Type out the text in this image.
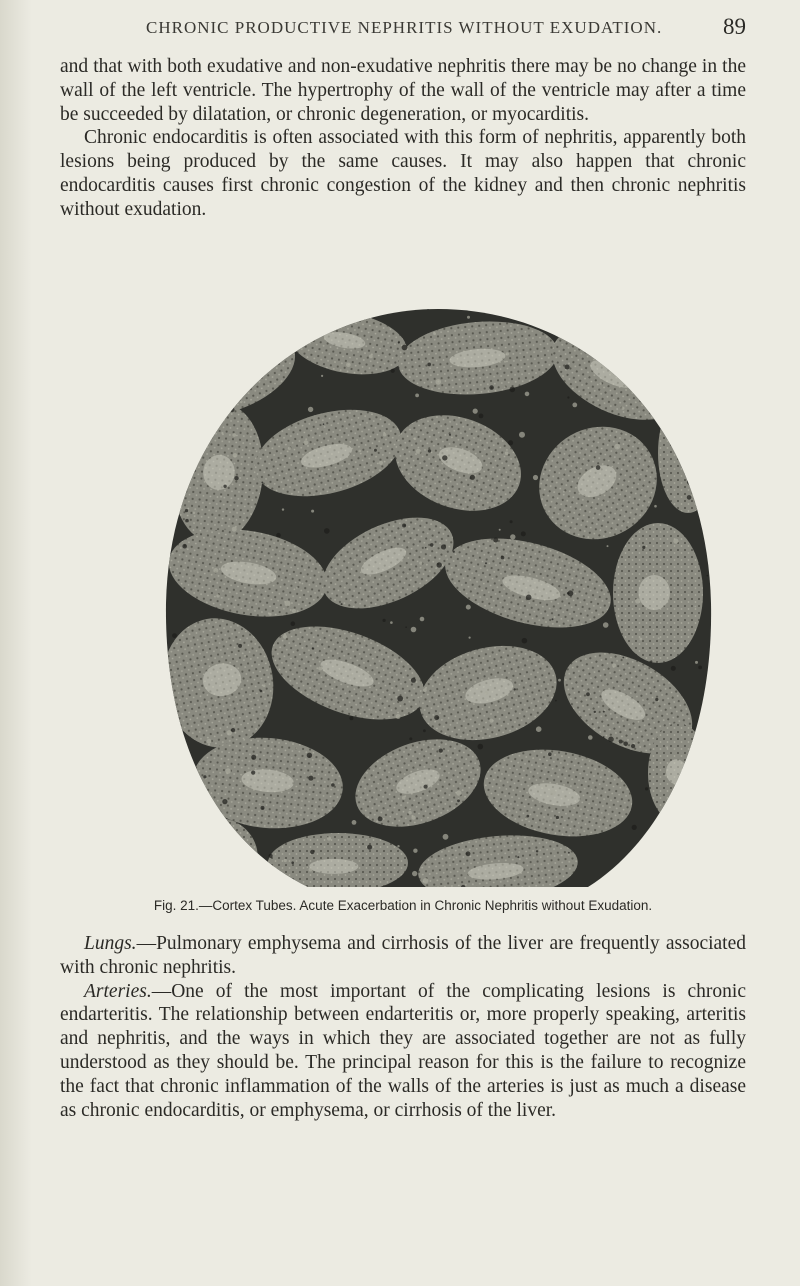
CHRONIC PRODUCTIVE NEPHRITIS WITHOUT EXUDATION.	89

and that with both exudative and non-exudative nephritis there may be no change in the wall of the left ventricle. The hypertrophy of the wall of the ventricle may after a time be succeeded by dilatation, or chronic degeneration, or myocarditis.

Chronic endocarditis is often associated with this form of nephritis, apparently both lesions being produced by the same causes. It may also happen that chronic endocarditis causes first chronic congestion of the kidney and then chronic nephritis without exudation.

Fig. 21.—Cortex Tubes. Acute Exacerbation in Chronic Nephritis without Exudation.

Lungs.—Pulmonary emphysema and cirrhosis of the liver are frequently associated with chronic nephritis.

Arteries.—One of the most important of the complicating lesions is chronic endarteritis. The relationship between endarteritis or, more properly speaking, arteritis and nephritis, and the ways in which they are associated together are not as fully understood as they should be. The principal reason for this is the failure to recognize the fact that chronic inflammation of the walls of the arteries is just as much a disease as chronic endocarditis, or emphysema, or cirrhosis of the liver.
